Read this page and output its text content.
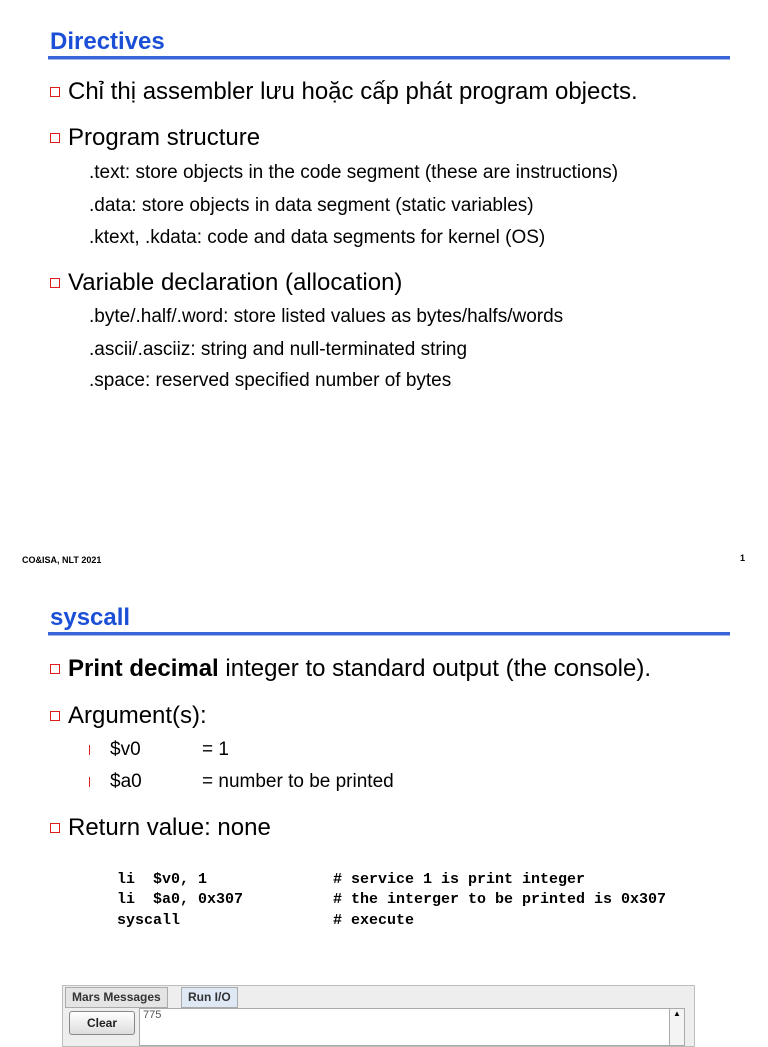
Directives
Chỉ thị assembler lưu hoặc cấp phát program objects.
Program structure
.text: store objects in the code segment (these are instructions)
.data: store objects in data segment (static variables)
.ktext, .kdata: code and data segments for kernel (OS)
Variable declaration (allocation)
.byte/.half/.word: store listed values as bytes/halfs/words
.ascii/.asciiz: string and null-terminated string
.space: reserved specified number of bytes
CO&ISA, NLT 2021	1
syscall
Print decimal integer to standard output (the console).
Argument(s):
$v0	= 1
$a0	= number to be printed
Return value: none
li  $v0, 1	# service 1 is print integer
li  $a0, 0x307	# the interger to be printed is 0x307
syscall	# execute
Mars Messages	Run I/O
Clear
775	▲
